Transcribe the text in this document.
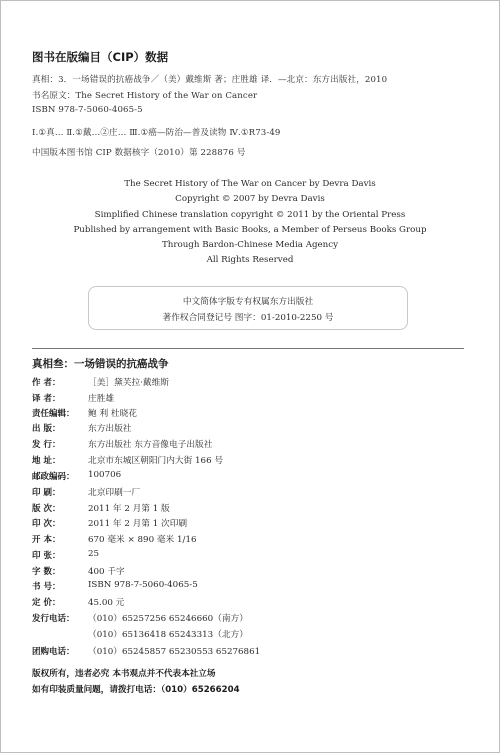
图书在版编目（CIP）数据
真相：3．一场错误的抗癌战争／（美）戴维斯 著；庄胜雄 译．—北京：东方出版社，2010
书名原文：The Secret History of the War on Cancer
ISBN 978-7-5060-4065-5
Ⅰ.①真… Ⅱ.①戴…②庄… Ⅲ.①癌—防治—普及读物 Ⅳ.①R73-49
中国版本图书馆 CIP 数据核字（2010）第 228876 号
The Secret History of The War on Cancer by Devra Davis
Copyright © 2007 by Devra Davis
Simplified Chinese translation copyright © 2011 by the Oriental Press
Published by arrangement with Basic Books, a Member of Perseus Books Group
Through Bardon-Chinese Media Agency
All Rights Reserved
中文简体字版专有权属东方出版社
著作权合同登记号 图字：01-2010-2250 号
真相叁：一场错误的抗癌战争
作 者：	［美］黛芙拉·戴维斯
译 者：	庄胜雄
责任编辑：	鲍 利 杜晓花
出 版：	东方出版社
发 行：	东方出版社 东方音像电子出版社
地 址：	北京市东城区朝阳门内大街 166 号
邮政编码：	100706
印 刷：	北京印刷一厂
版 次：	2011 年 2 月第 1 版
印 次：	2011 年 2 月第 1 次印刷
开 本：	670 毫米 × 890 毫米 1/16
印 张：	25
字 数：	400 千字
书 号：	ISBN 978-7-5060-4065-5
定 价：	45.00 元
发行电话：	（010）65257256 65246660（南方）
（010）65136418 65243313（北方）
团购电话：	（010）65245857 65230553 65276861
版权所有，违者必究 本书观点并不代表本社立场
如有印装质量问题，请拨打电话：（010）65266204
